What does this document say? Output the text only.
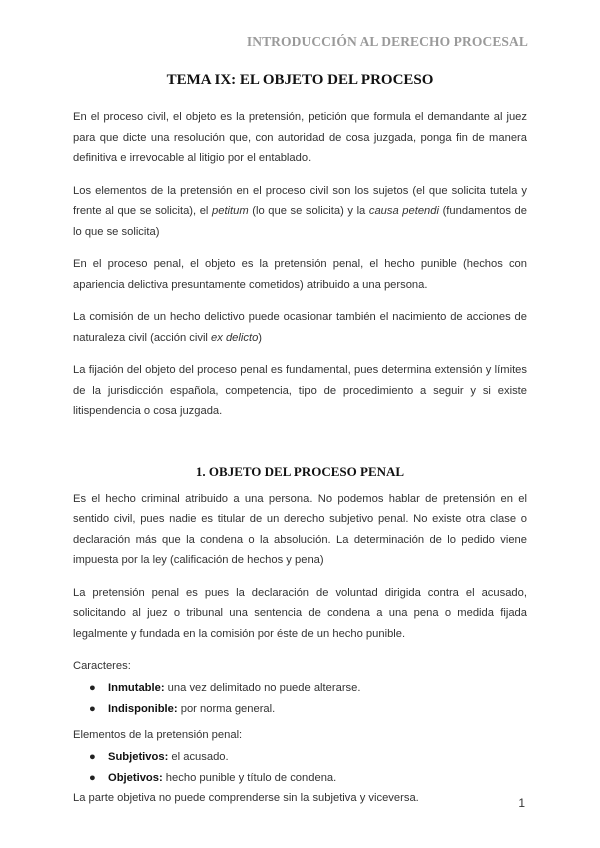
INTRODUCCIÓN AL DERECHO PROCESAL
TEMA IX: EL OBJETO DEL PROCESO

En el proceso civil, el objeto es la pretensión, petición que formula el demandante al juez para que dicte una resolución que, con autoridad de cosa juzgada, ponga fin de manera definitiva e irrevocable al litigio por el entablado.

Los elementos de la pretensión en el proceso civil son los sujetos (el que solicita tutela y frente al que se solicita), el petitum (lo que se solicita) y la causa petendi (fundamentos de lo que se solicita)

En el proceso penal, el objeto es la pretensión penal, el hecho punible (hechos con apariencia delictiva presuntamente cometidos) atribuido a una persona.

La comisión de un hecho delictivo puede ocasionar también el nacimiento de acciones de naturaleza civil (acción civil ex delicto)

La fijación del objeto del proceso penal es fundamental, pues determina extensión y límites de la jurisdicción española, competencia, tipo de procedimiento a seguir y si existe litispendencia o cosa juzgada.

1. OBJETO DEL PROCESO PENAL

Es el hecho criminal atribuido a una persona. No podemos hablar de pretensión en el sentido civil, pues nadie es titular de un derecho subjetivo penal. No existe otra clase o declaración más que la condena o la absolución. La determinación de lo pedido viene impuesta por la ley (calificación de hechos y pena)

La pretensión penal es pues la declaración de voluntad dirigida contra el acusado, solicitando al juez o tribunal una sentencia de condena a una pena o medida fijada legalmente y fundada en la comisión por éste de un hecho punible.

Caracteres:
● Inmutable: una vez delimitado no puede alterarse.
● Indisponible: por norma general.
Elementos de la pretensión penal:
● Subjetivos: el acusado.
● Objetivos: hecho punible y título de condena.
La parte objetiva no puede comprenderse sin la subjetiva y viceversa.	1
